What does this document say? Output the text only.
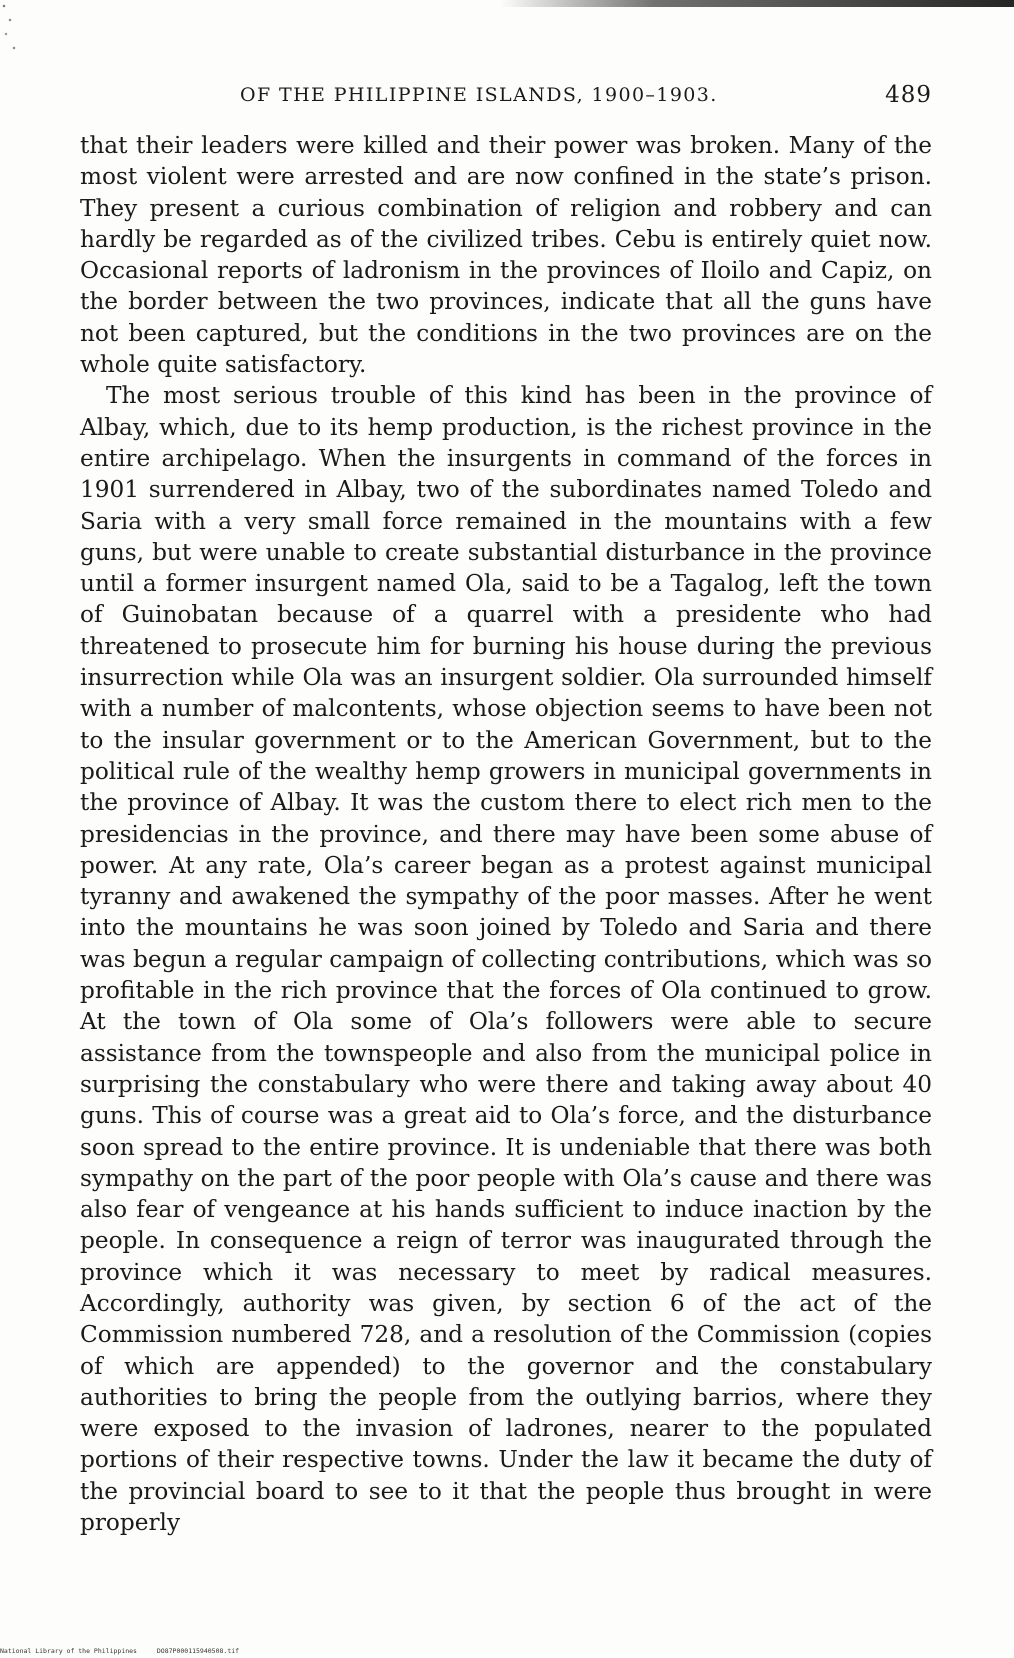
OF THE PHILIPPINE ISLANDS, 1900–1903.	489

that their leaders were killed and their power was broken. Many of the most violent were arrested and are now confined in the state’s prison. They present a curious combination of religion and robbery and can hardly be regarded as of the civilized tribes. Cebu is entirely quiet now. Occasional reports of ladronism in the provinces of Iloilo and Capiz, on the border between the two provinces, indicate that all the guns have not been captured, but the conditions in the two provinces are on the whole quite satisfactory.

The most serious trouble of this kind has been in the province of Albay, which, due to its hemp production, is the richest province in the entire archipelago. When the insurgents in command of the forces in 1901 surrendered in Albay, two of the subordinates named Toledo and Saria with a very small force remained in the mountains with a few guns, but were unable to create substantial disturbance in the province until a former insurgent named Ola, said to be a Tagalog, left the town of Guinobatan because of a quarrel with a presidente who had threatened to prosecute him for burning his house during the previous insurrection while Ola was an insurgent soldier. Ola surrounded himself with a number of malcontents, whose objection seems to have been not to the insular government or to the American Government, but to the political rule of the wealthy hemp growers in municipal governments in the province of Albay. It was the custom there to elect rich men to the presidencias in the province, and there may have been some abuse of power. At any rate, Ola’s career began as a protest against municipal tyranny and awakened the sympathy of the poor masses. After he went into the mountains he was soon joined by Toledo and Saria and there was begun a regular campaign of collecting contributions, which was so profitable in the rich province that the forces of Ola continued to grow. At the town of Ola some of Ola’s followers were able to secure assistance from the townspeople and also from the municipal police in surprising the constabulary who were there and taking away about 40 guns. This of course was a great aid to Ola’s force, and the disturbance soon spread to the entire province. It is undeniable that there was both sympathy on the part of the poor people with Ola’s cause and there was also fear of vengeance at his hands sufficient to induce inaction by the people. In consequence a reign of terror was inaugurated through the province which it was necessary to meet by radical measures. Accordingly, authority was given, by section 6 of the act of the Commission numbered 728, and a resolution of the Commission (copies of which are appended) to the governor and the constabulary authorities to bring the people from the outlying barrios, where they were exposed to the invasion of ladrones, nearer to the populated portions of their respective towns. Under the law it became the duty of the provincial board to see to it that the people thus brought in were properly

National Library of the Philippines	DO87P000115940508.tif
